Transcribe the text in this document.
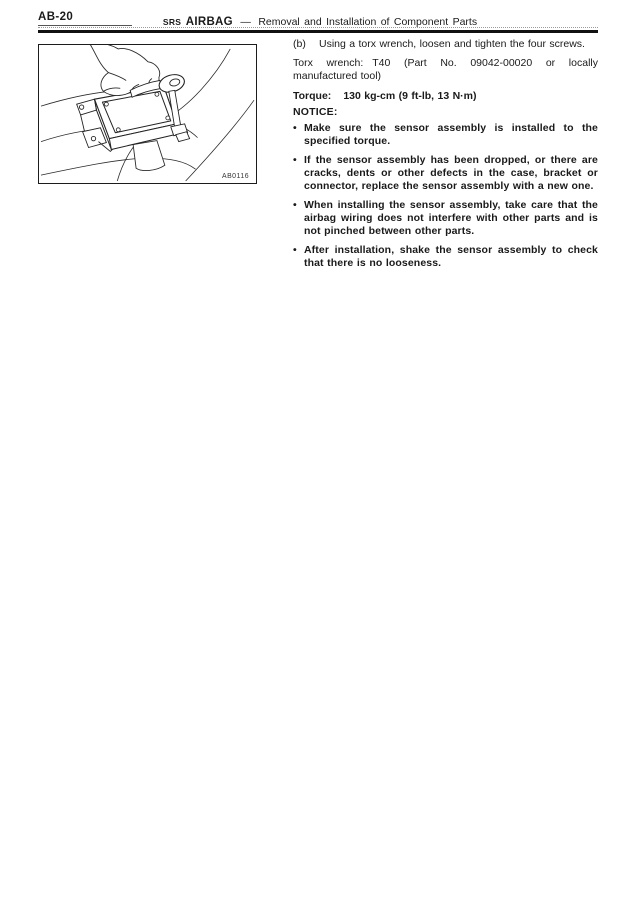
AB-20	SRS AIRBAG — Removal and Installation of Component Parts
AB0116
(b)	Using a torx wrench, loosen and tighten the four screws.

Torx wrench: T40 (Part No. 09042-00020 or locally manufactured tool)

Torque: 130 kg-cm (9 ft-lb, 13 N·m)

NOTICE:

• Make sure the sensor assembly is installed to the specified torque.
• If the sensor assembly has been dropped, or there are cracks, dents or other defects in the case, bracket or connector, replace the sensor assembly with a new one.
• When installing the sensor assembly, take care that the airbag wiring does not interfere with other parts and is not pinched between other parts.
• After installation, shake the sensor assembly to check that there is no looseness.
